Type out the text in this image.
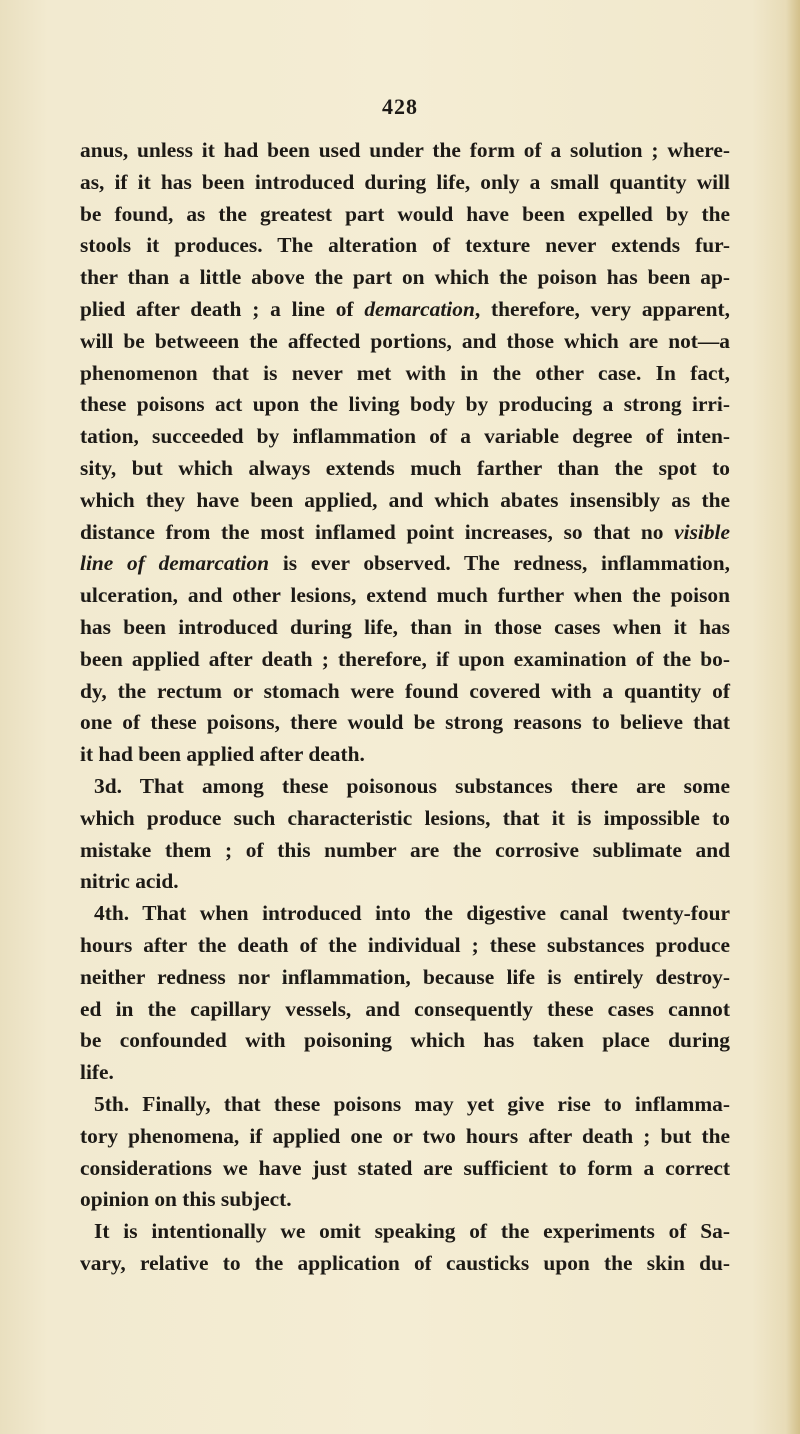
428
anus, unless it had been used under the form of a solution ; where-
as, if it has been introduced during life, only a small quantity will
be found, as the greatest part would have been expelled by the
stools it produces. The alteration of texture never extends fur-
ther than a little above the part on which the poison has been ap-
plied after death ; a line of demarcation, therefore, very apparent,
will be betweeen the affected portions, and those which are not—a
phenomenon that is never met with in the other case. In fact,
these poisons act upon the living body by producing a strong irri-
tation, succeeded by inflammation of a variable degree of inten-
sity, but which always extends much farther than the spot to
which they have been applied, and which abates insensibly as the
distance from the most inflamed point increases, so that no visible
line of demarcation is ever observed. The redness, inflammation,
ulceration, and other lesions, extend much further when the poison
has been introduced during life, than in those cases when it has
been applied after death ; therefore, if upon examination of the bo-
dy, the rectum or stomach were found covered with a quantity of
one of these poisons, there would be strong reasons to believe that
it had been applied after death.
3d. That among these poisonous substances there are some
which produce such characteristic lesions, that it is impossible to
mistake them ; of this number are the corrosive sublimate and
nitric acid.
4th. That when introduced into the digestive canal twenty-four
hours after the death of the individual ; these substances produce
neither redness nor inflammation, because life is entirely destroy-
ed in the capillary vessels, and consequently these cases cannot
be confounded with poisoning which has taken place during
life.
5th. Finally, that these poisons may yet give rise to inflamma-
tory phenomena, if applied one or two hours after death ; but the
considerations we have just stated are sufficient to form a correct
opinion on this subject.
It is intentionally we omit speaking of the experiments of Sa-
vary, relative to the application of causticks upon the skin du-
